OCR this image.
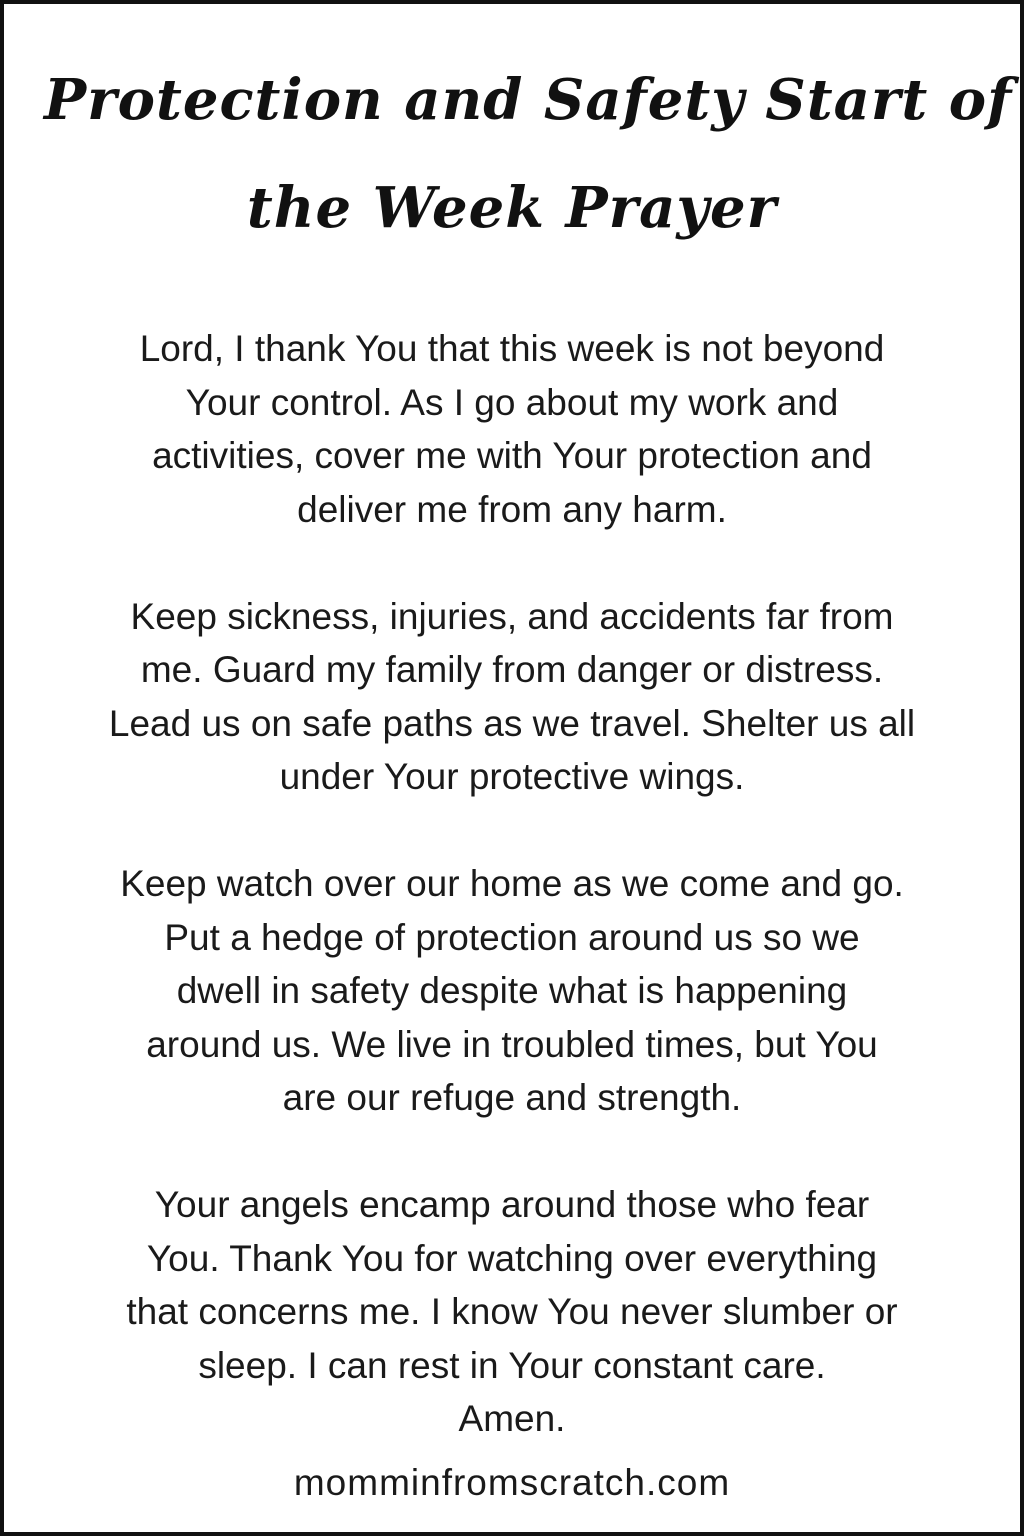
Protection and Safety Start of
the Week Prayer

Lord, I thank You that this week is not beyond
Your control. As I go about my work and
activities, cover me with Your protection and
deliver me from any harm.

Keep sickness, injuries, and accidents far from
me. Guard my family from danger or distress.
Lead us on safe paths as we travel. Shelter us all
under Your protective wings.

Keep watch over our home as we come and go.
Put a hedge of protection around us so we
dwell in safety despite what is happening
around us. We live in troubled times, but You
are our refuge and strength.

Your angels encamp around those who fear
You. Thank You for watching over everything
that concerns me. I know You never slumber or
sleep. I can rest in Your constant care.
Amen.

momminfromscratch.com
